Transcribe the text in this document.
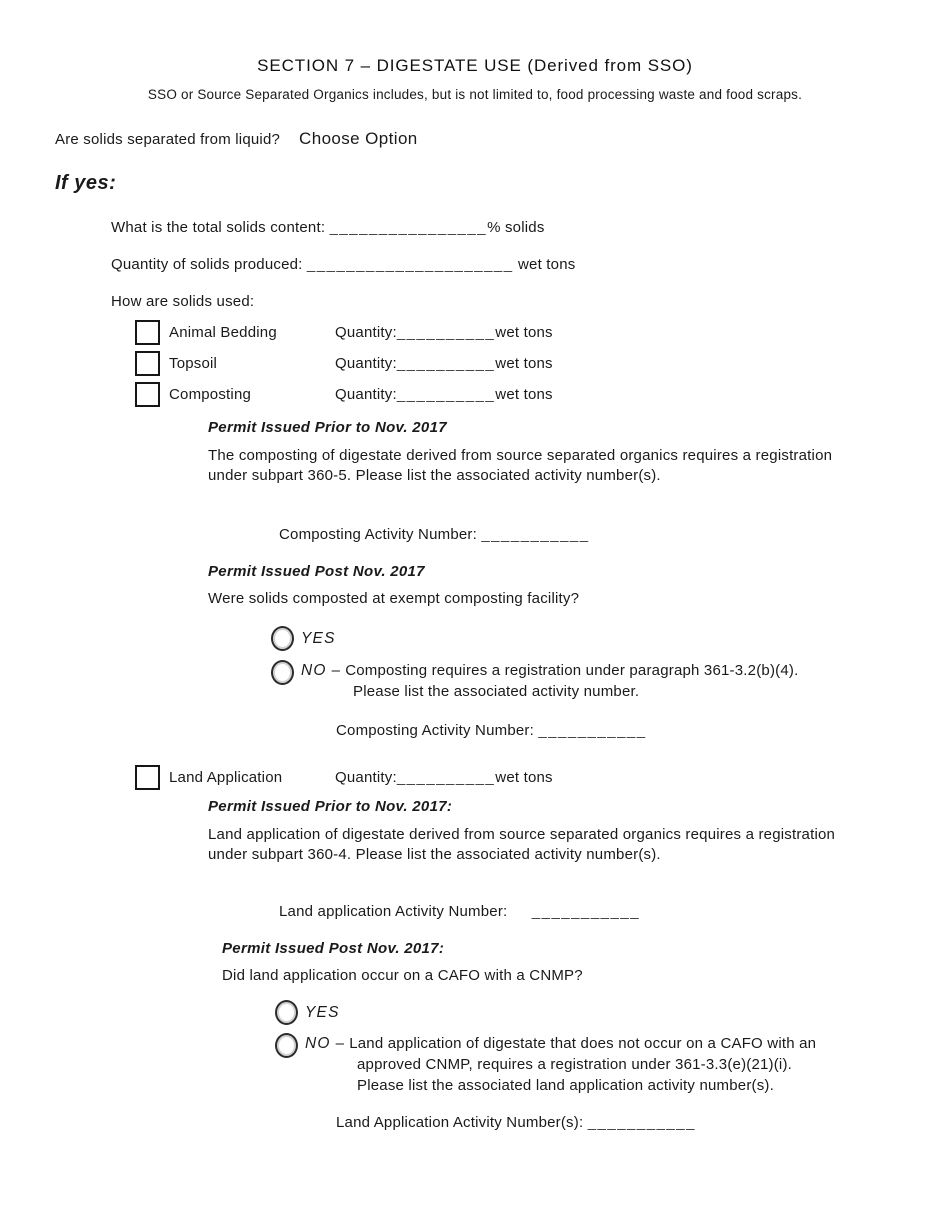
SECTION 7 – DIGESTATE USE (Derived from SSO)
SSO or Source Separated Organics includes, but is not limited to, food processing waste and food scraps.
Are solids separated from liquid? Choose Option
If yes:
What is the total solids content: ________________% solids
Quantity of solids produced: _____________________ wet tons
How are solids used:
Animal Bedding	Quantity: __________ wet tons
Topsoil	Quantity: __________ wet tons
Composting	Quantity: __________ wet tons
Permit Issued Prior to Nov. 2017

The composting of digestate derived from source separated organics requires a registration under subpart 360-5. Please list the associated activity number(s).

Composting Activity Number: ___________
Permit Issued Post Nov. 2017
Were solids composted at exempt composting facility?
YES
NO – Composting requires a registration under paragraph 361-3.2(b)(4).
Please list the associated activity number.
Composting Activity Number: ___________
Land Application	Quantity: __________ wet tons
Permit Issued Prior to Nov. 2017:

Land application of digestate derived from source separated organics requires a registration under subpart 360-4. Please list the associated activity number(s).

Land application Activity Number: ___________
Permit Issued Post Nov. 2017:
Did land application occur on a CAFO with a CNMP?
YES
NO – Land application of digestate that does not occur on a CAFO with an
approved CNMP, requires a registration under 361-3.3(e)(21)(i).
Please list the associated land application activity number(s).
Land Application Activity Number(s): ___________
